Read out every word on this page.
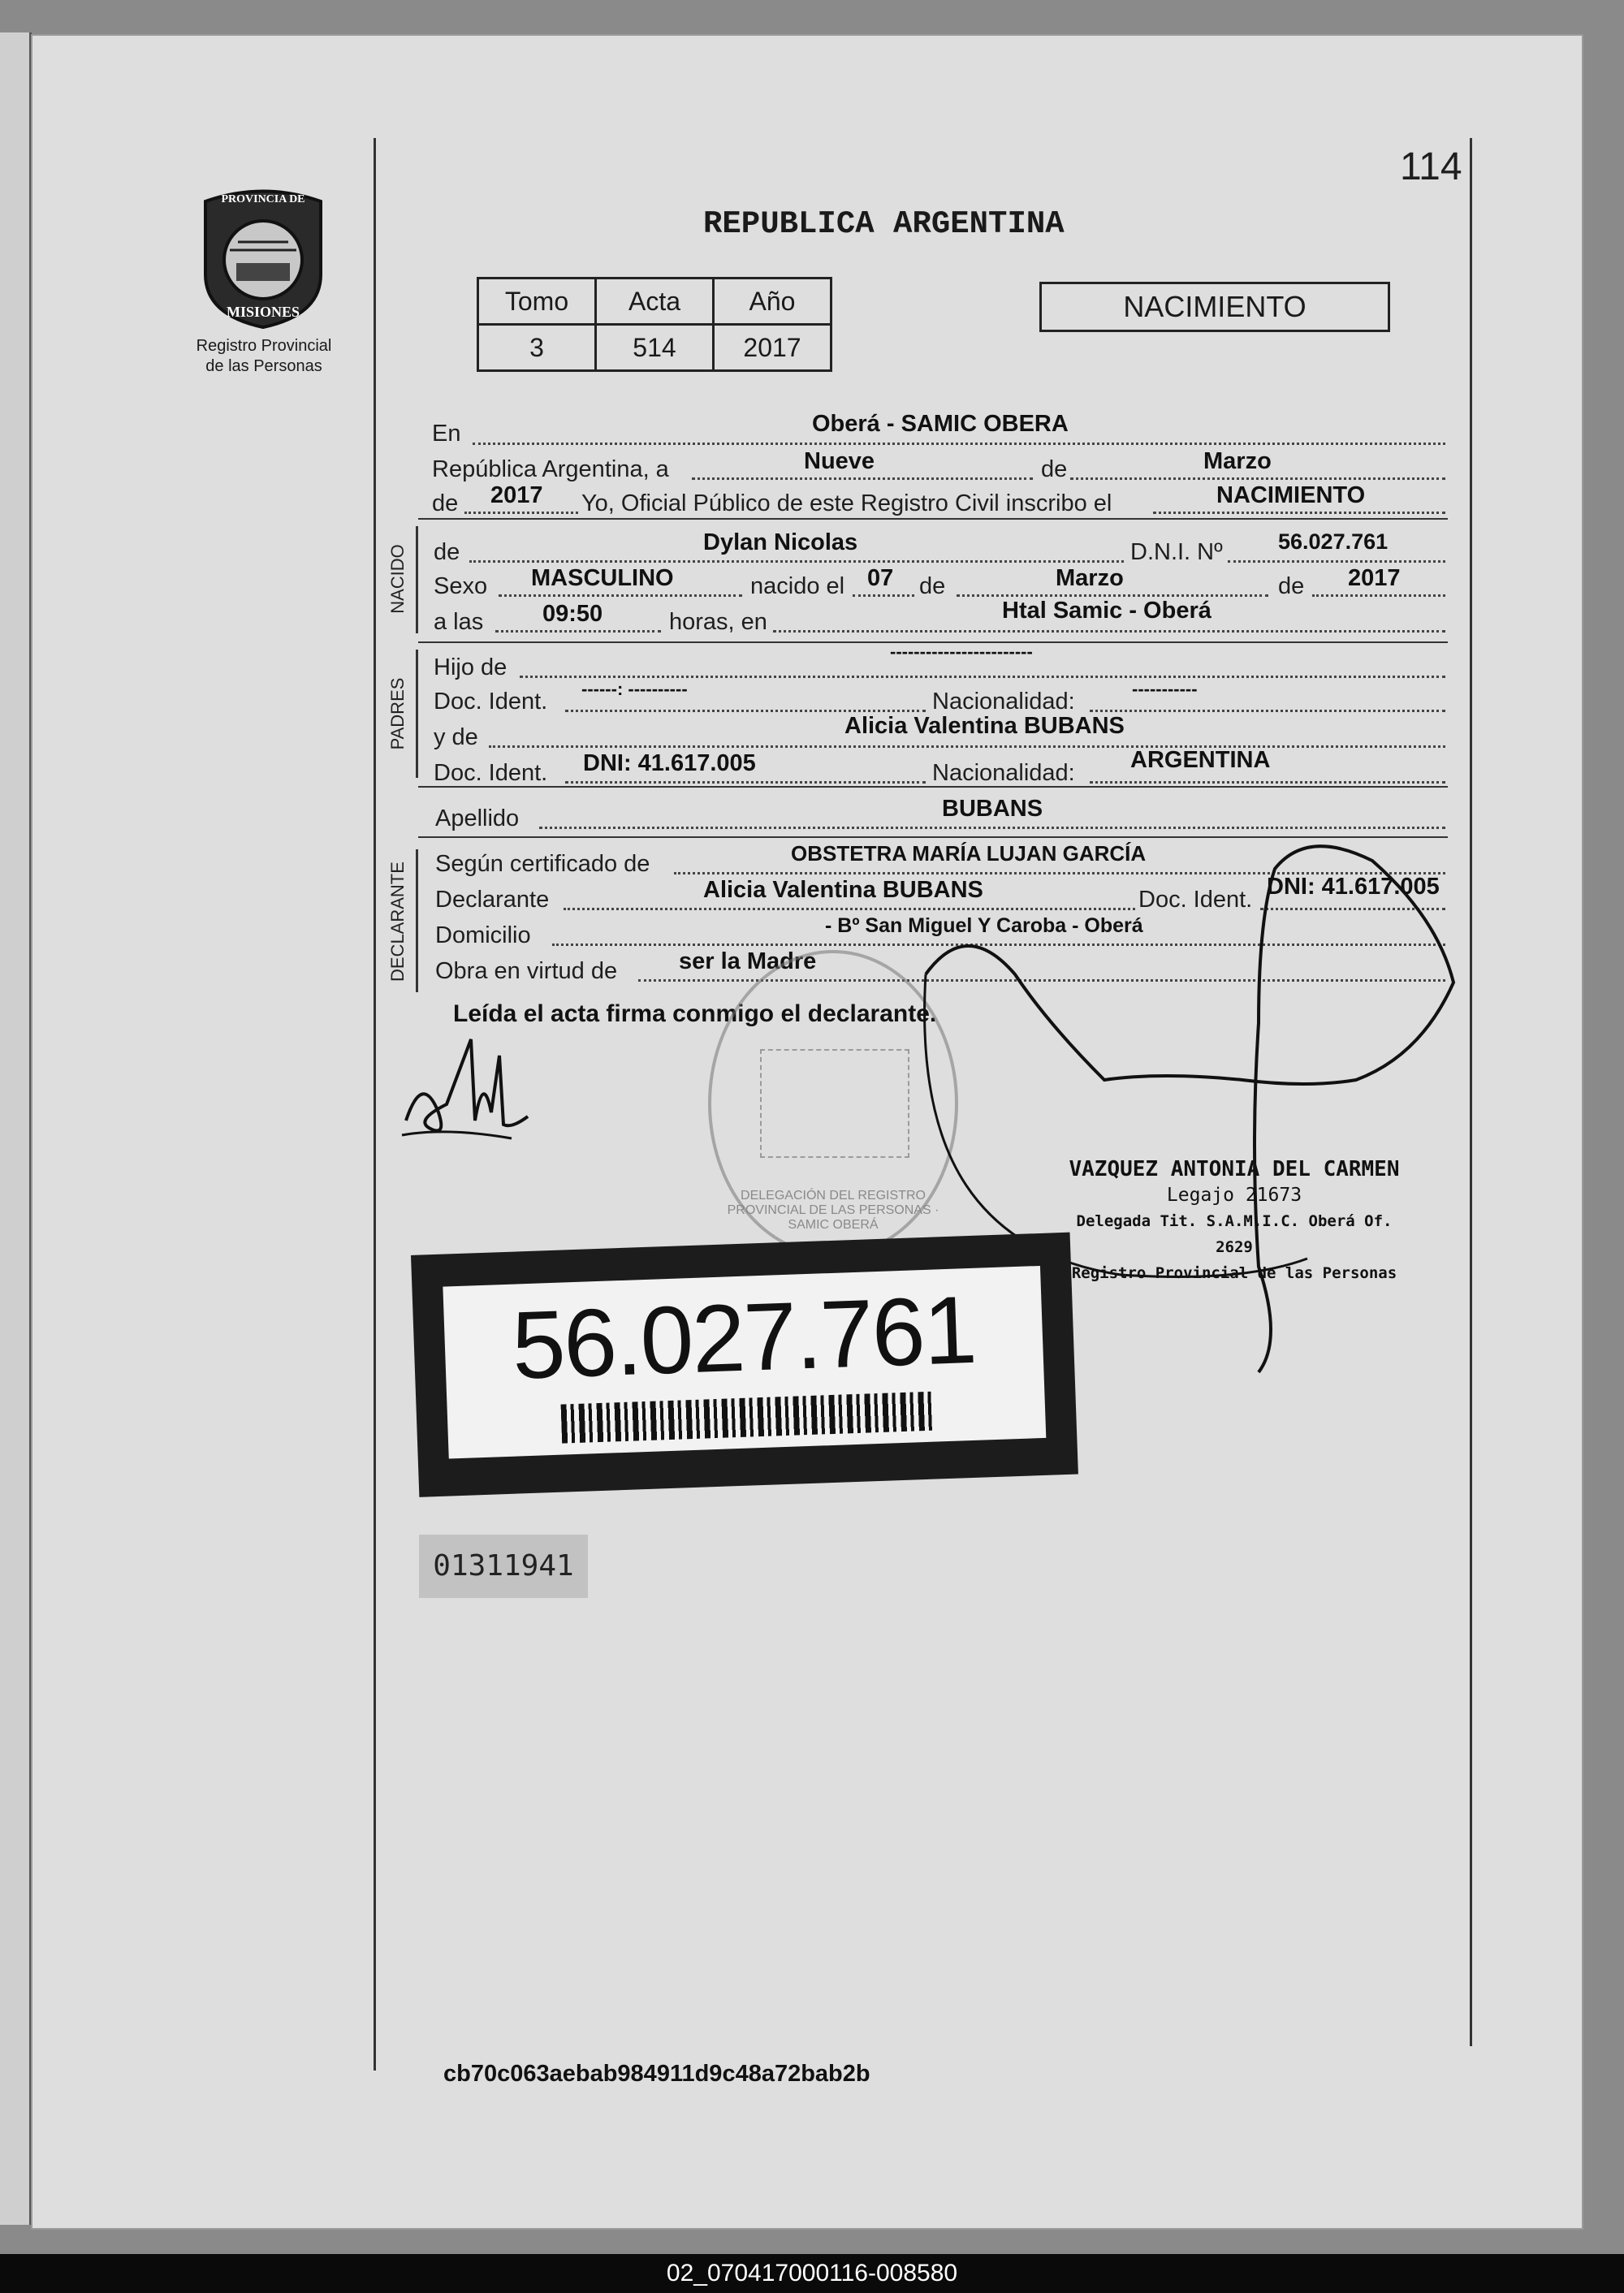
114
PROVINCIA DE
MISIONES
Registro Provincial
de las Personas
REPUBLICA ARGENTINA
Tomo	Acta	Año
3	514	2017
NACIMIENTO
En	Oberá - SAMIC OBERA
República Argentina, a	Nueve	de	Marzo
de 2017 Yo, Oficial Público de este Registro Civil inscribo el	NACIMIENTO
NACIDO de	Dylan Nicolas	D.N.I. Nº	56.027.761
Sexo MASCULINO	nacido el 07 de	Marzo	de 2017
a las	09:50	horas, en	Htal Samic - Oberá
PADRES
Hijo de
------------------------
Doc. Ident. ------: ----------	Nacionalidad:	-----------
y de	Alicia Valentina BUBANS
Doc. Ident. DNI: 41.617.005	Nacionalidad: ARGENTINA
Apellido	BUBANS
DECLARANTE Según certificado de	OBSTETRA MARÍA LUJAN GARCÍA
Declarante	Alicia Valentina BUBANS	Doc. Ident. DNI: 41.617.005
Domicilio	- Bº San Miguel Y Caroba - Oberá
Obra en virtud de	ser la Madre
Leída el acta firma conmigo el declarante.
DELEGACIÓN DEL REGISTRO PROVINCIAL DE LAS PERSONAS · SAMIC OBERÁ
VAZQUEZ ANTONIA DEL CARMEN
Legajo 21673
Delegada Tit. S.A.M.I.C. Oberá Of. 2629
Registro Provincial de las Personas
56.027.761
01311941
cb70c063aebab984911d9c48a72bab2b
02_070417000116-008580
